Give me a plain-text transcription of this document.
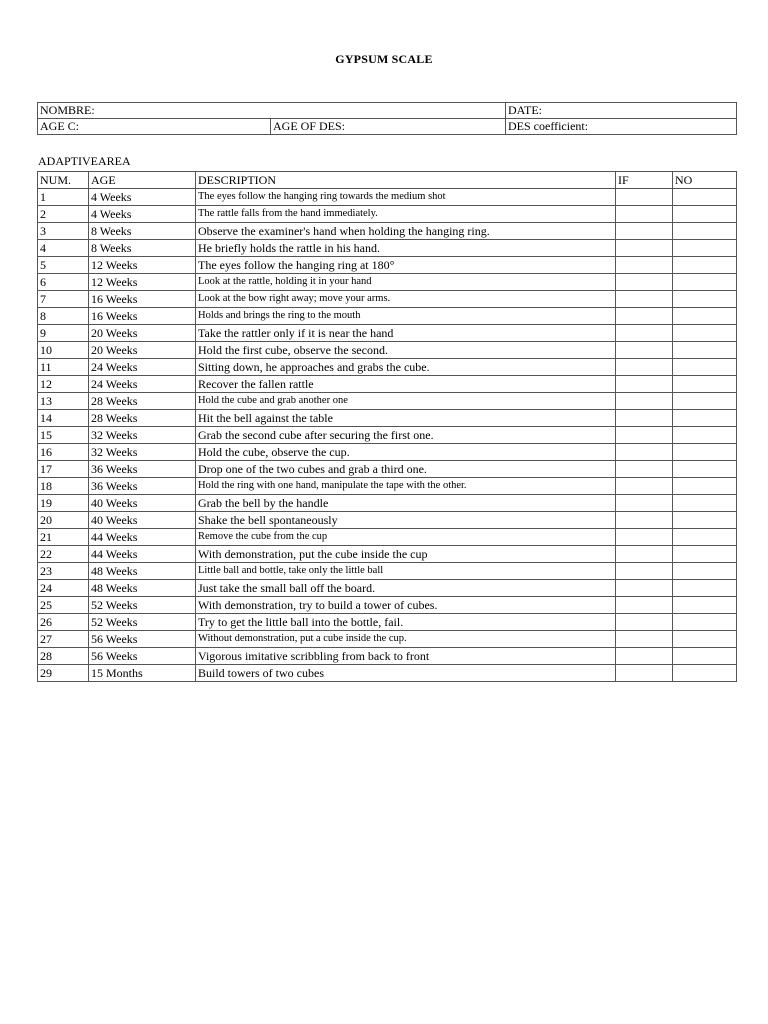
GYPSUM SCALE
NOMBRE:		DATE:
AGE C:	AGE OF DES:	DES coefficient:
ADAPTIVEAREA
NUM.	AGE	DESCRIPTION	IF	NO
1	4 Weeks	The eyes follow the hanging ring towards the medium shot		
2	4 Weeks	The rattle falls from the hand immediately.		
3	8 Weeks	Observe the examiner's hand when holding the hanging ring.		
4	8 Weeks	He briefly holds the rattle in his hand.		
5	12 Weeks	The eyes follow the hanging ring at 180°		
6	12 Weeks	Look at the rattle, holding it in your hand		
7	16 Weeks	Look at the bow right away; move your arms.		
8	16 Weeks	Holds and brings the ring to the mouth		
9	20 Weeks	Take the rattler only if it is near the hand		
10	20 Weeks	Hold the first cube, observe the second.		
11	24 Weeks	Sitting down, he approaches and grabs the cube.		
12	24 Weeks	Recover the fallen rattle		
13	28 Weeks	Hold the cube and grab another one		
14	28 Weeks	Hit the bell against the table		
15	32 Weeks	Grab the second cube after securing the first one.		
16	32 Weeks	Hold the cube, observe the cup.		
17	36 Weeks	Drop one of the two cubes and grab a third one.		
18	36 Weeks	Hold the ring with one hand, manipulate the tape with the other.		
19	40 Weeks	Grab the bell by the handle		
20	40 Weeks	Shake the bell spontaneously		
21	44 Weeks	Remove the cube from the cup		
22	44 Weeks	With demonstration, put the cube inside the cup		
23	48 Weeks	Little ball and bottle, take only the little ball		
24	48 Weeks	Just take the small ball off the board.		
25	52 Weeks	With demonstration, try to build a tower of cubes.		
26	52 Weeks	Try to get the little ball into the bottle, fail.		
27	56 Weeks	Without demonstration, put a cube inside the cup.		
28	56 Weeks	Vigorous imitative scribbling from back to front		
29	15 Months	Build towers of two cubes		
